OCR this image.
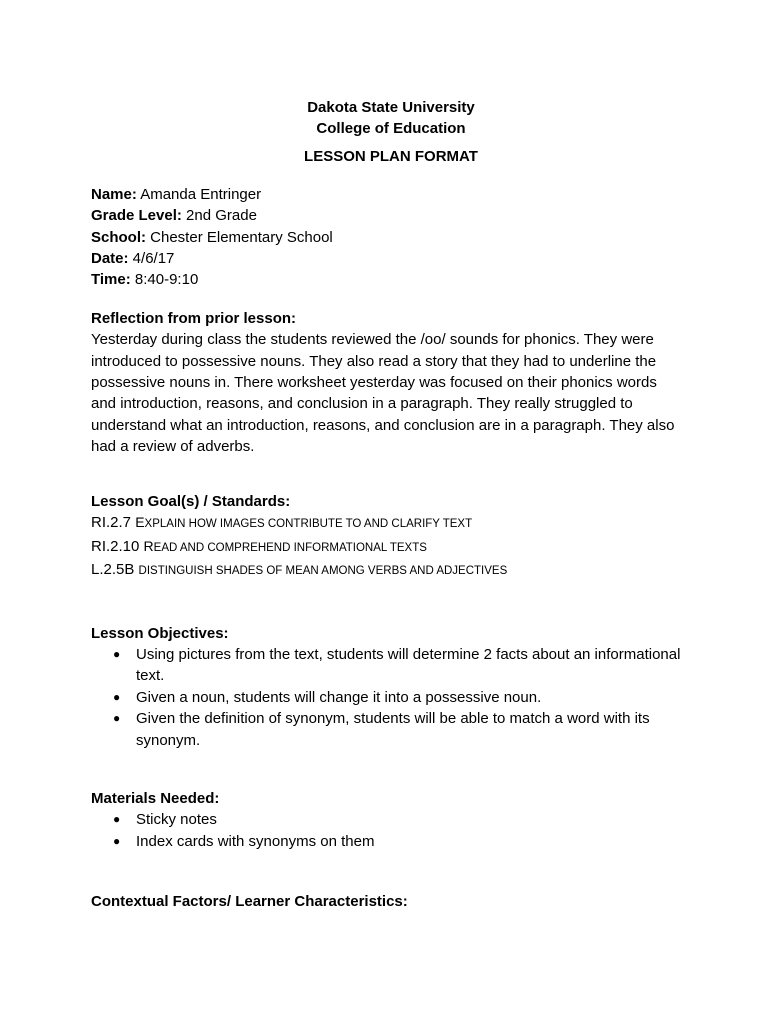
Dakota State University
College of Education
LESSON PLAN FORMAT
Name: Amanda Entringer
Grade Level: 2nd Grade
School: Chester Elementary School
Date: 4/6/17
Time: 8:40-9:10
Reflection from prior lesson:
Yesterday during class the students reviewed the /oo/ sounds for phonics. They were introduced to possessive nouns. They also read a story that they had to underline the possessive nouns in. There worksheet yesterday was focused on their phonics words and introduction, reasons, and conclusion in a paragraph. They really struggled to understand what an introduction, reasons, and conclusion are in a paragraph. They also had a review of adverbs.
Lesson Goal(s) / Standards:
RI.2.7 EXPLAIN HOW IMAGES CONTRIBUTE TO AND CLARIFY TEXT
RI.2.10 READ AND COMPREHEND INFORMATIONAL TEXTS
L.2.5B DISTINGUISH SHADES OF MEAN AMONG VERBS AND ADJECTIVES
Lesson Objectives:
● Using pictures from the text, students will determine 2 facts about an informational text.
● Given a noun, students will change it into a possessive noun.
● Given the definition of synonym, students will be able to match a word with its synonym.
Materials Needed:
● Sticky notes
● Index cards with synonyms on them
Contextual Factors/ Learner Characteristics:
